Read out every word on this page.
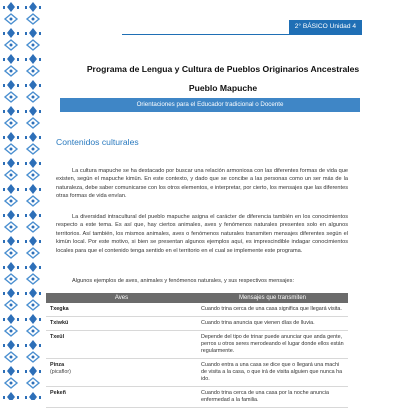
2° BÁSICO Unidad 4
Programa de Lengua y Cultura de Pueblos Originarios Ancestrales
Pueblo Mapuche
Orientaciones para el Educador tradicional o Docente
Contenidos culturales
La cultura mapuche se ha destacado por buscar una relación armoniosa con las diferentes formas de vida que existen, según el mapuche kimün. En este contexto, y dado que se concibe a las personas como un ser más de la naturaleza, debe saber comunicarse con los otros elementos, e interpretar, por cierto, los mensajes que las diferentes otras formas de vida envían.
La diversidad intracultural del pueblo mapuche asigna el carácter de diferencia también en los conocimientos respecto a este tema. Es así que, hay ciertos animales, aves y fenómenos naturales presentes solo en algunos territorios. Así también, los mismos animales, aves o fenómenos naturales transmiten mensajes diferentes según el kimün local. Por este motivo, si bien se presentan algunos ejemplos aquí, es imprescindible indagar conocimientos locales para que el contenido tenga sentido en el territorio en el cual se implemente este programa.
Algunos ejemplos de aves, animales y fenómenos naturales, y sus respectivos mensajes:
Aves	Mensajes que transmiten
Txegka	Cuando trina cerca de una casa significa que llegará visita.
Txiwkü	Cuando trina anuncia que vienen días de lluvia.
Txeül	Depende del tipo de trinar puede anunciar que anda gente, perros u otros seres merodeando el lugar donde ellos están regularmente.
Pinza
(picaflor)	Cuando entra a una casa se dice que o llegará una machi de visita a la casa, o que irá de visita alguien que nunca ha ido.
Pekeñ	Cuando trina cerca de una casa por la noche anuncia enfermedad a la familia.
